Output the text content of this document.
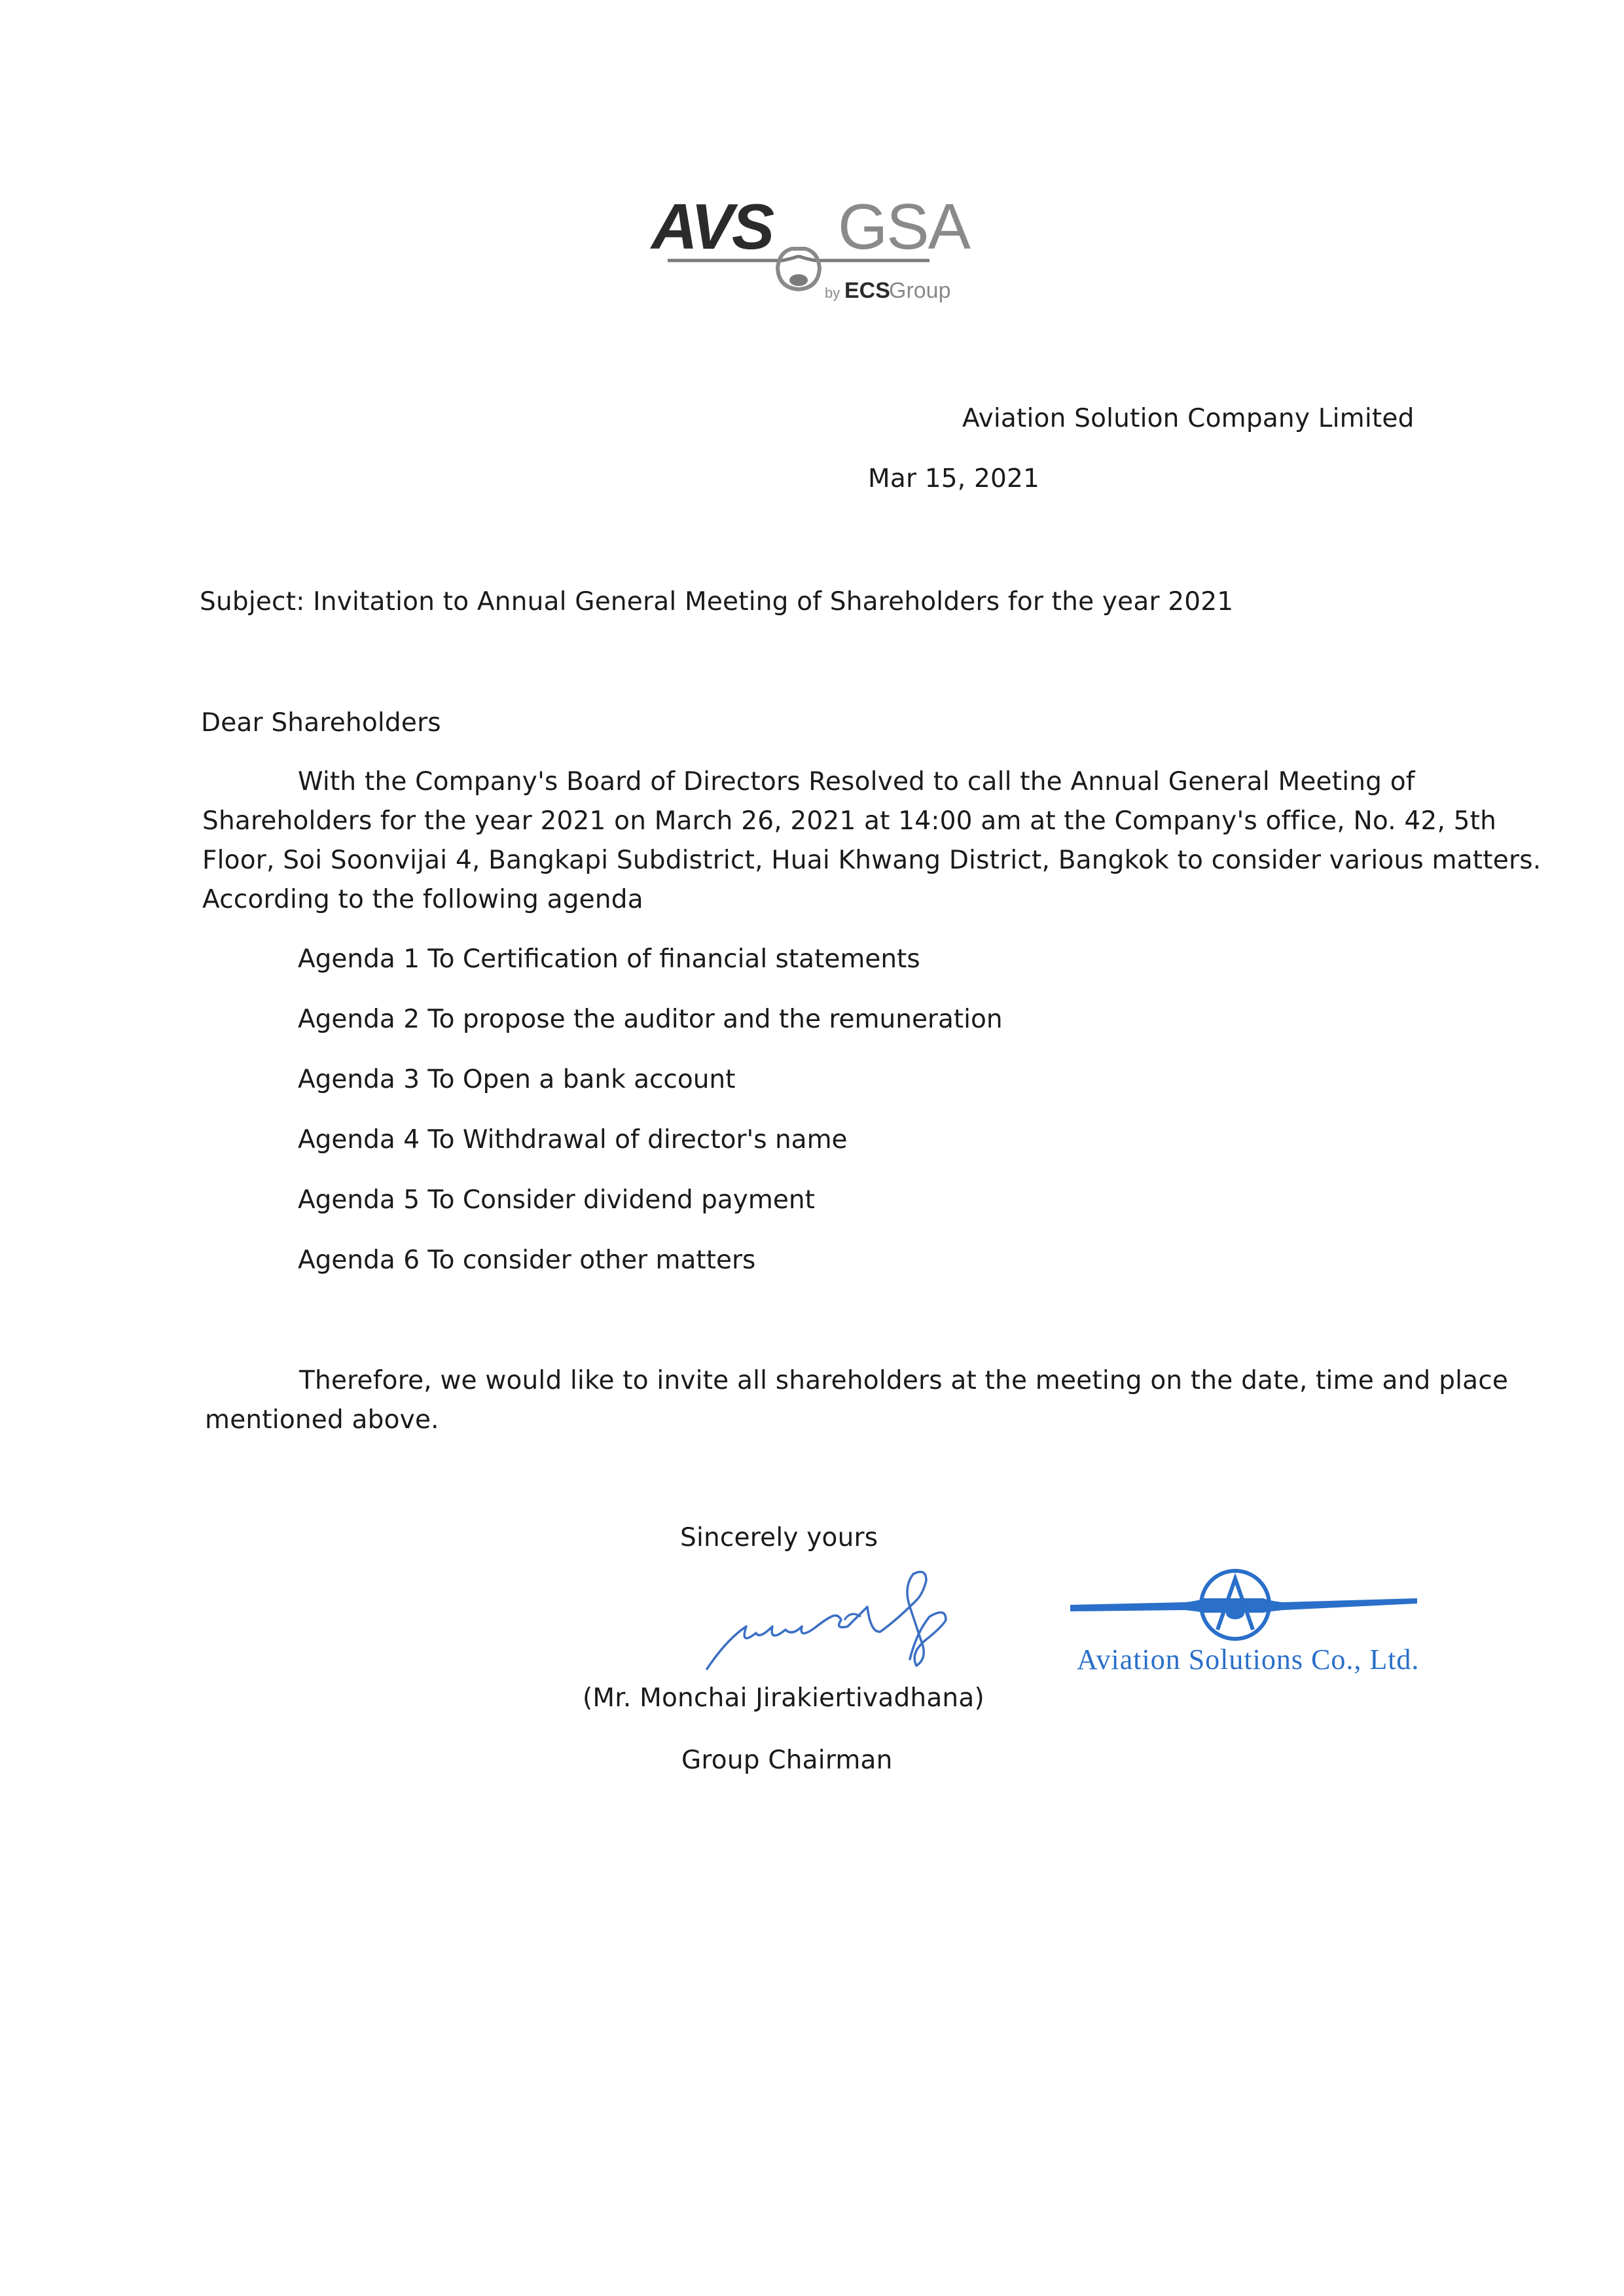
AVS GSA
by ECS
Group
Aviation Solution Company Limited
Mar 15, 2021
Subject: Invitation to Annual General Meeting of Shareholders for the year 2021
Dear Shareholders
With the Company's Board of Directors Resolved to call the Annual General Meeting of
Shareholders for the year 2021 on March 26, 2021 at 14:00 am at the Company's office, No. 42, 5th
Floor, Soi Soonvijai 4, Bangkapi Subdistrict, Huai Khwang District, Bangkok to consider various matters.
According to the following agenda
Agenda 1 To Certification of financial statements
Agenda 2 To propose the auditor and the remuneration
Agenda 3 To Open a bank account
Agenda 4 To Withdrawal of director's name
Agenda 5 To Consider dividend payment
Agenda 6 To consider other matters
Therefore, we would like to invite all shareholders at the meeting on the date, time and place
mentioned above.
Sincerely yours
Aviation Solutions Co., Ltd.
(Mr. Monchai Jirakiertivadhana)
Group Chairman
